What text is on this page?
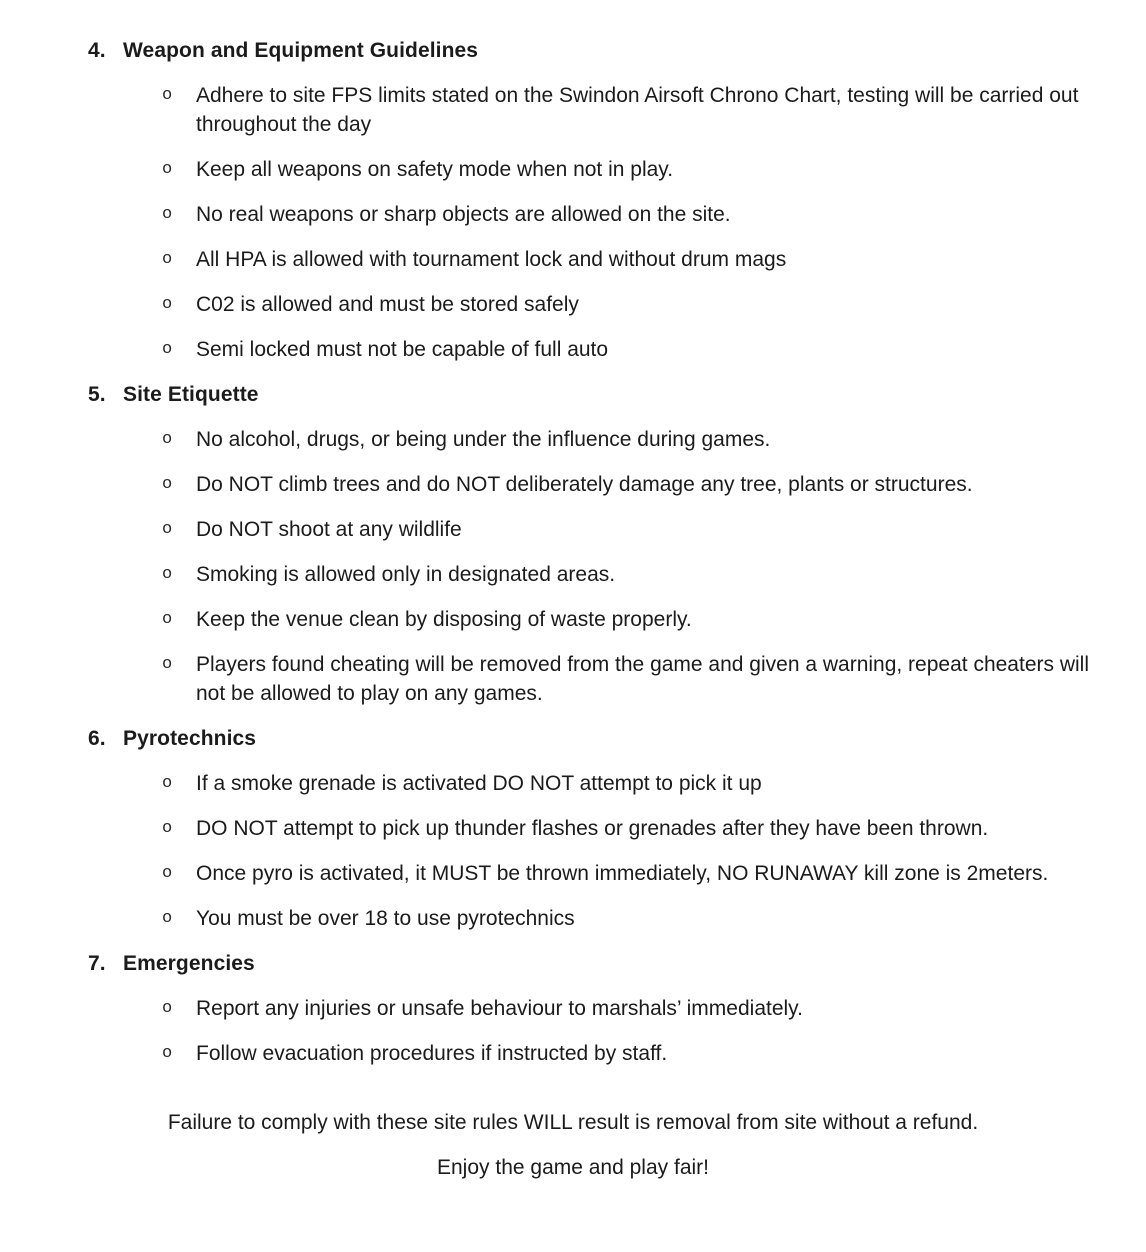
4. Weapon and Equipment Guidelines
o Adhere to site FPS limits stated on the Swindon Airsoft Chrono Chart, testing will be carried out throughout the day
o Keep all weapons on safety mode when not in play.
o No real weapons or sharp objects are allowed on the site.
o All HPA is allowed with tournament lock and without drum mags
o C02 is allowed and must be stored safely
o Semi locked must not be capable of full auto
5. Site Etiquette
o No alcohol, drugs, or being under the influence during games.
o Do NOT climb trees and do NOT deliberately damage any tree, plants or structures.
o Do NOT shoot at any wildlife
o Smoking is allowed only in designated areas.
o Keep the venue clean by disposing of waste properly.
o Players found cheating will be removed from the game and given a warning, repeat cheaters will not be allowed to play on any games.
6. Pyrotechnics
o If a smoke grenade is activated DO NOT attempt to pick it up
o DO NOT attempt to pick up thunder flashes or grenades after they have been thrown.
o Once pyro is activated, it MUST be thrown immediately, NO RUNAWAY kill zone is 2meters.
o You must be over 18 to use pyrotechnics
7. Emergencies
o Report any injuries or unsafe behaviour to marshals’ immediately.
o Follow evacuation procedures if instructed by staff.
Failure to comply with these site rules WILL result is removal from site without a refund.
Enjoy the game and play fair!
